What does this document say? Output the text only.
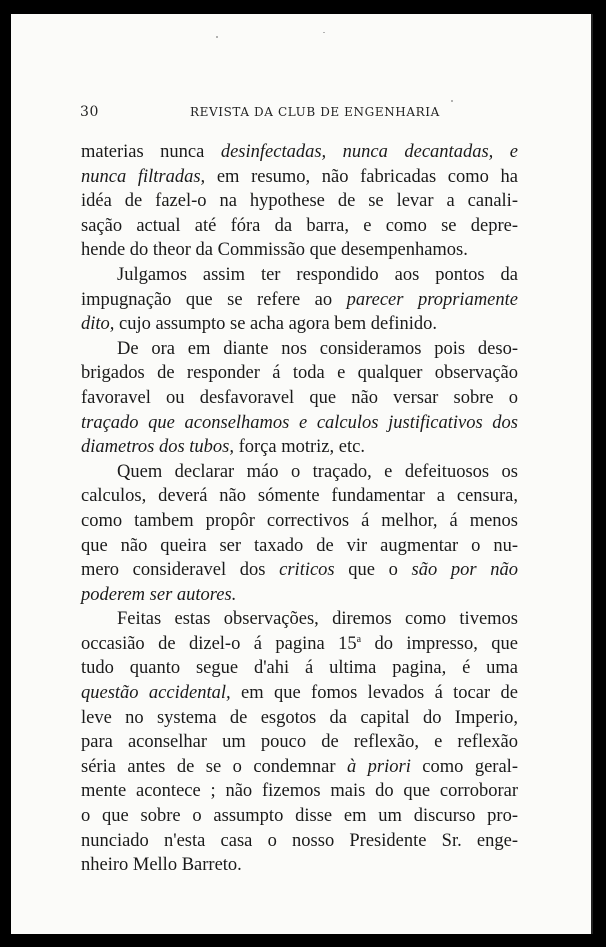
30	REVISTA DA CLUB DE ENGENHARIA
materias nunca desinfectadas, nunca decantadas, e
nunca filtradas, em resumo, não fabricadas como ha
idéa de fazel-o na hypothese de se levar a canali-
sação actual até fóra da barra, e como se depre-
hende do theor da Commissão que desempenhamos.
Julgamos assim ter respondido aos pontos da
impugnação que se refere ao parecer propriamente
dito, cujo assumpto se acha agora bem definido.
De ora em diante nos consideramos pois deso-
brigados de responder á toda e qualquer observação
favoravel ou desfavoravel que não versar sobre o
traçado que aconselhamos e calculos justificativos dos
diametros dos tubos, força motriz, etc.
Quem declarar máo o traçado, e defeituosos os
calculos, deverá não sómente fundamentar a censura,
como tambem propôr correctivos á melhor, á menos
que não queira ser taxado de vir augmentar o nu-
mero consideravel dos criticos que o são por não
poderem ser autores.
Feitas estas observações, diremos como tivemos
occasião de dizel-o á pagina 15$^a$ do impresso, que
tudo quanto segue d'ahi á ultima pagina, é uma
questão accidental, em que fomos levados á tocar de
leve no systema de esgotos da capital do Imperio,
para aconselhar um pouco de reflexão, e reflexão
séria antes de se o condemnar à priori como geral-
mente acontece ; não fizemos mais do que corroborar
o que sobre o assumpto disse em um discurso pro-
nunciado n'esta casa o nosso Presidente Sr. enge-
nheiro Mello Barreto.
